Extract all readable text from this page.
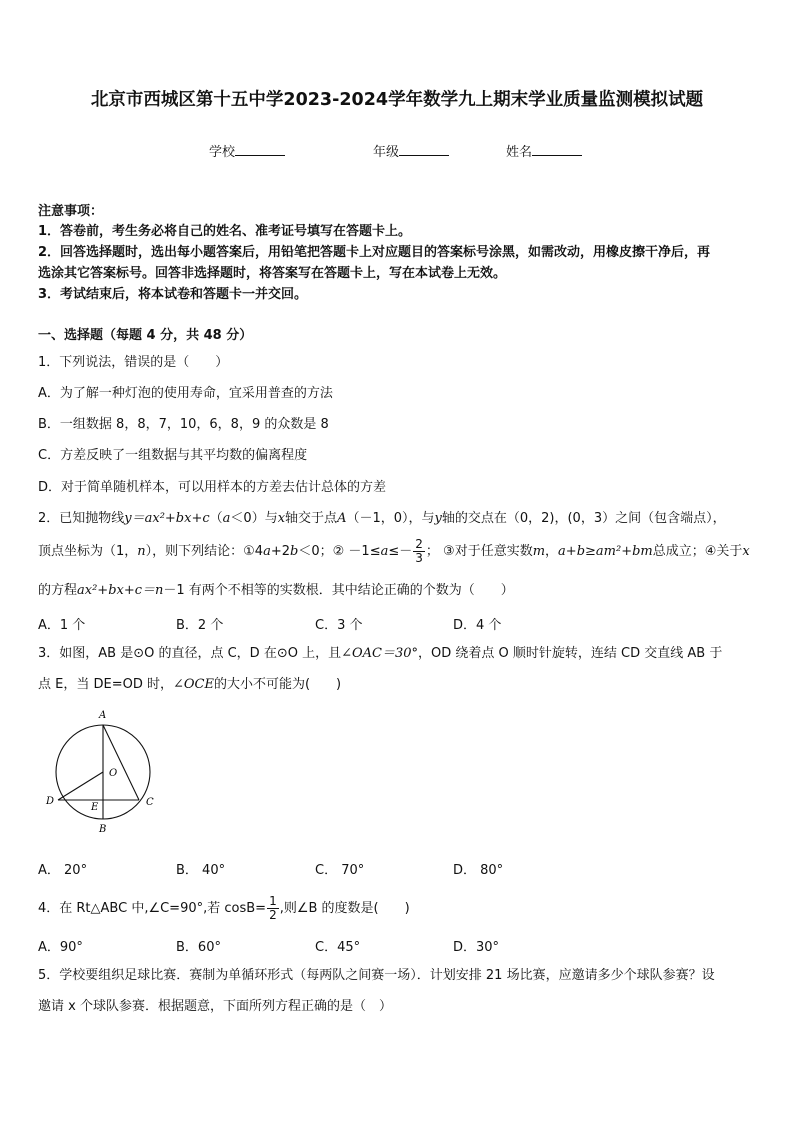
北京市西城区第十五中学2023-2024学年数学九上期末学业质量监测模拟试题
学校	年级	姓名
注意事项：
1．答卷前，考生务必将自己的姓名、准考证号填写在答题卡上。
2．回答选择题时，选出每小题答案后，用铅笔把答题卡上对应题目的答案标号涂黑，如需改动，用橡皮擦干净后，再
选涂其它答案标号。回答非选择题时，将答案写在答题卡上，写在本试卷上无效。
3．考试结束后，将本试卷和答题卡一并交回。
一、选择题（每题 4 分，共 48 分）
1．下列说法，错误的是（　　）
A．为了解一种灯泡的使用寿命，宜采用普查的方法
B．一组数据 8，8，7，10，6，8，9 的众数是 8
C．方差反映了一组数据与其平均数的偏离程度
D．对于简单随机样本，可以用样本的方差去估计总体的方差
2．已知抛物线y＝ax²+bx+c（a＜0）与x轴交于点A（－1，0），与y轴的交点在（0，2)，(0，3）之间（包含端点），
顶点坐标为（1，n），则下列结论：①4a+2b＜0；② $-1\le a\le- \frac{2}{3}$ ； ③对于任意实数m，a+b≥am²+bm总成立；④关于x
的方程ax²+bx+c＝n－1 有两个不相等的实数根．其中结论正确的个数为（　　）
A．1 个	B．2 个	C．3 个	D．4 个
3．如图，AB 是⊙O 的直径，点 C，D 在⊙O 上，且∠OAC＝30°，OD 绕着点 O 顺时针旋转，连结 CD 交直线 AB 于
点 E，当 DE=OD 时，∠OCE的大小不可能为(　　)
A
O
D
E	C
B
A． 20°	B． 40°	C． 70°	D． 80°
4．在 Rt△ABC 中,∠C=90°,若 $\cos B= \frac{1}{2}$ ,则∠B 的度数是(　　)
A．90°	B．60°	C．45°	D．30°
5．学校要组织足球比赛．赛制为单循环形式（每两队之间赛一场）．计划安排 21 场比赛，应邀请多少个球队参赛？设
邀请 x 个球队参赛．根据题意，下面所列方程正确的是（　）
